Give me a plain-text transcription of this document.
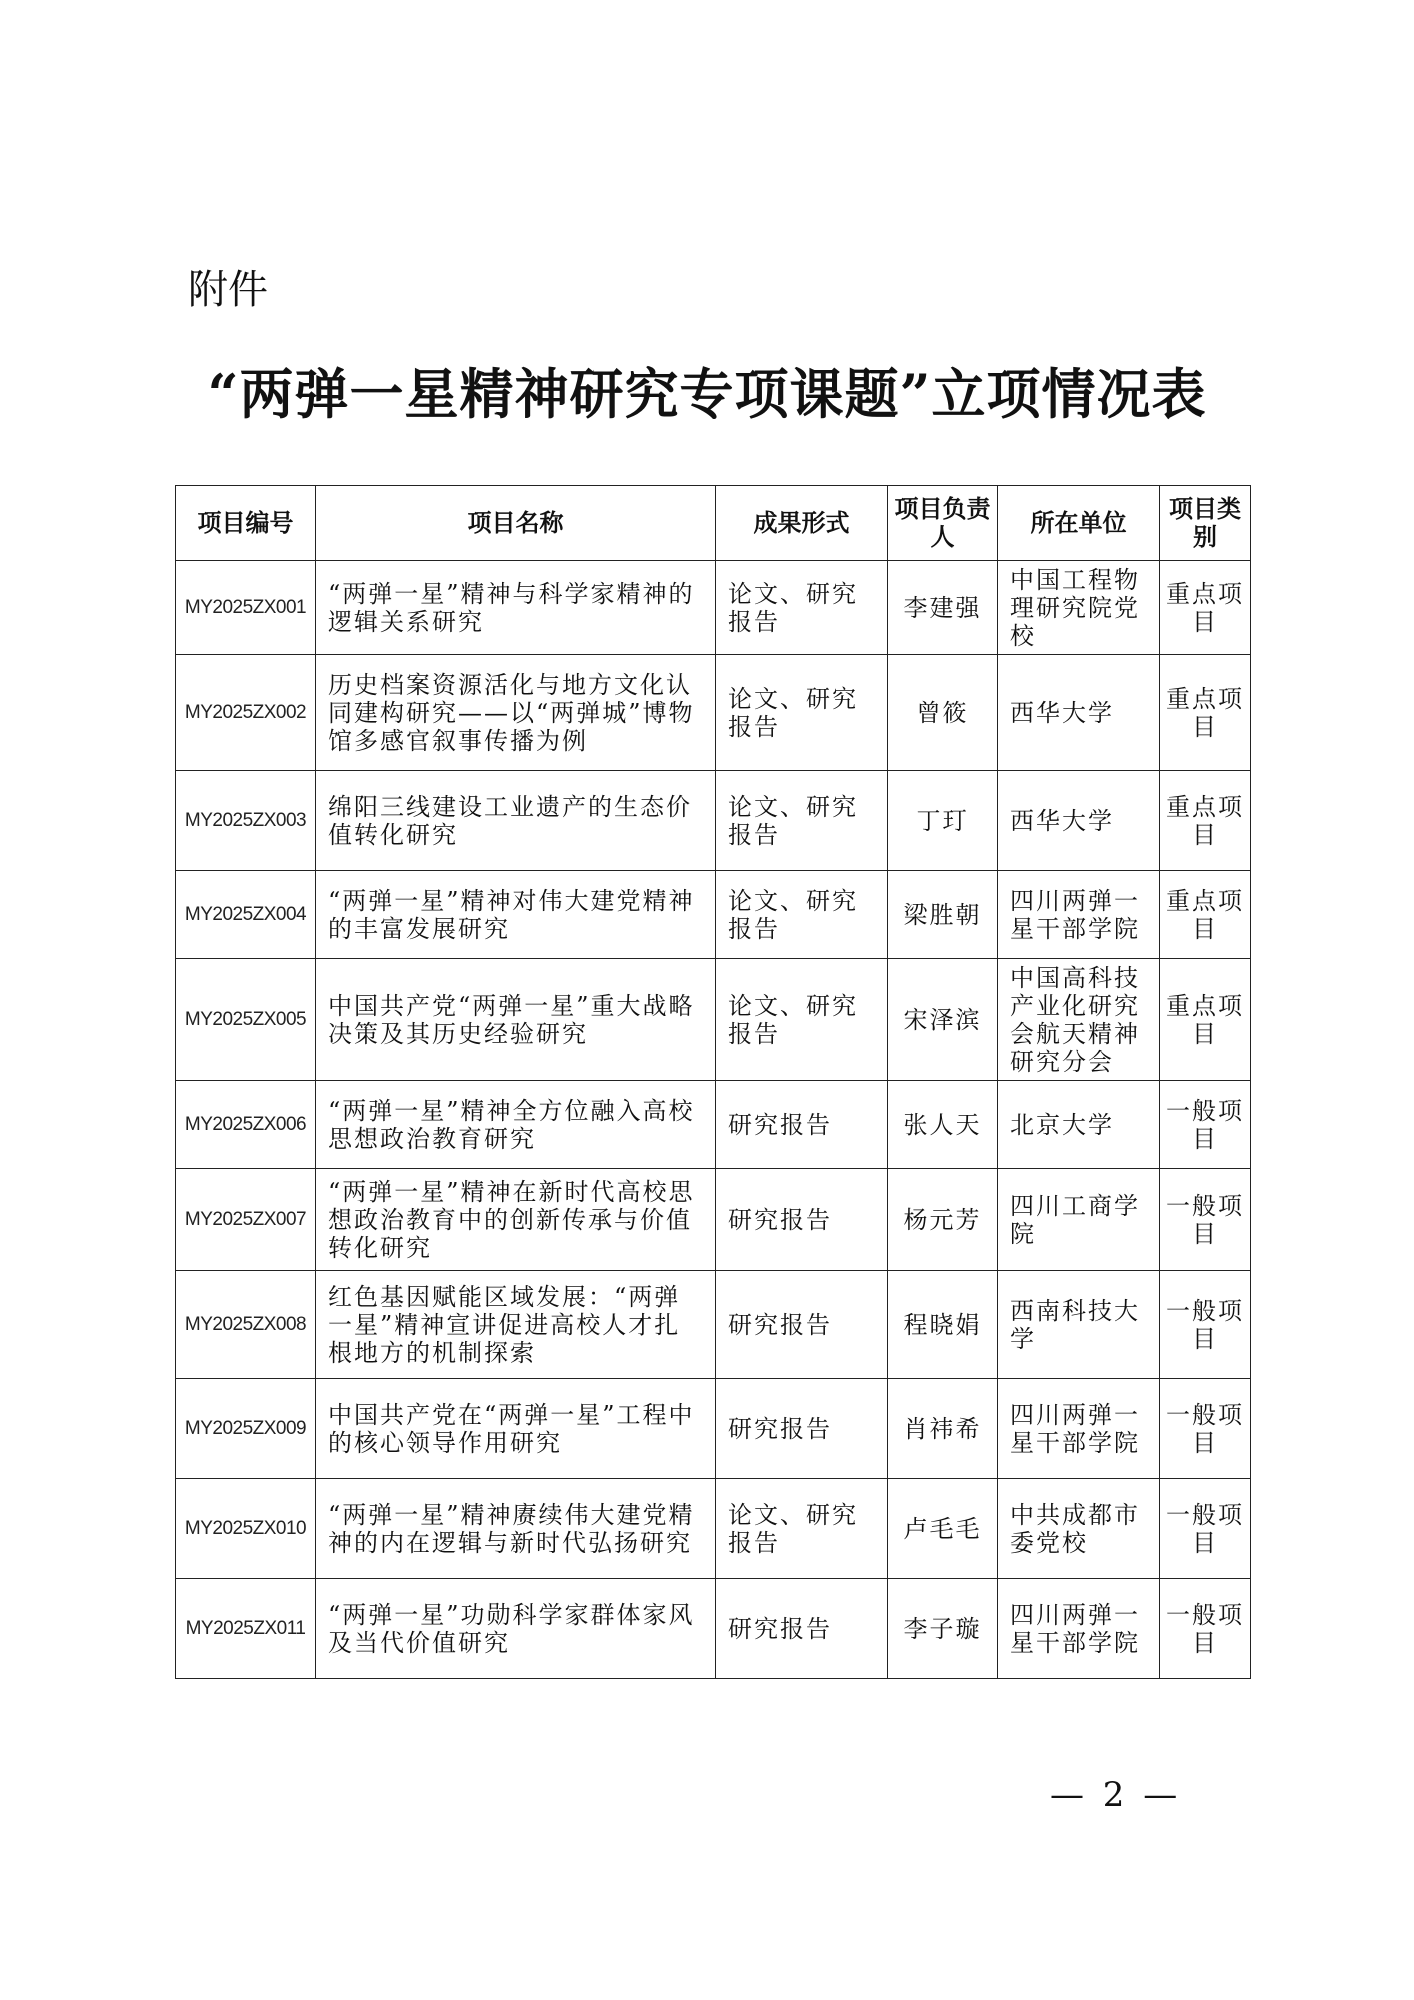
附件
“两弹一星精神研究专项课题”立项情况表
项目编号	项目名称	成果形式	项目负责人	所在单位	项目类别
MY2025ZX001	“两弹一星”精神与科学家精神的逻辑关系研究	论文、研究报告	李建强	中国工程物理研究院党校	重点项目
MY2025ZX002	历史档案资源活化与地方文化认同建构研究——以“两弹城”博物馆多感官叙事传播为例	论文、研究报告	曾筱	西华大学	重点项目
MY2025ZX003	绵阳三线建设工业遗产的生态价值转化研究	论文、研究报告	丁玎	西华大学	重点项目
MY2025ZX004	“两弹一星”精神对伟大建党精神的丰富发展研究	论文、研究报告	梁胜朝	四川两弹一星干部学院	重点项目
MY2025ZX005	中国共产党“两弹一星”重大战略决策及其历史经验研究	论文、研究报告	宋泽滨	中国高科技产业化研究会航天精神研究分会	重点项目
MY2025ZX006	“两弹一星”精神全方位融入高校思想政治教育研究	研究报告	张人天	北京大学	一般项目
MY2025ZX007	“两弹一星”精神在新时代高校思想政治教育中的创新传承与价值转化研究	研究报告	杨元芳	四川工商学院	一般项目
MY2025ZX008	红色基因赋能区域发展：“两弹一星”精神宣讲促进高校人才扎根地方的机制探索	研究报告	程晓娟	西南科技大学	一般项目
MY2025ZX009	中国共产党在“两弹一星”工程中的核心领导作用研究	研究报告	肖祎希	四川两弹一星干部学院	一般项目
MY2025ZX010	“两弹一星”精神赓续伟大建党精神的内在逻辑与新时代弘扬研究	论文、研究报告	卢毛毛	中共成都市委党校	一般项目
MY2025ZX011	“两弹一星”功勋科学家群体家风及当代价值研究	研究报告	李子璇	四川两弹一星干部学院	一般项目
— 2 —
